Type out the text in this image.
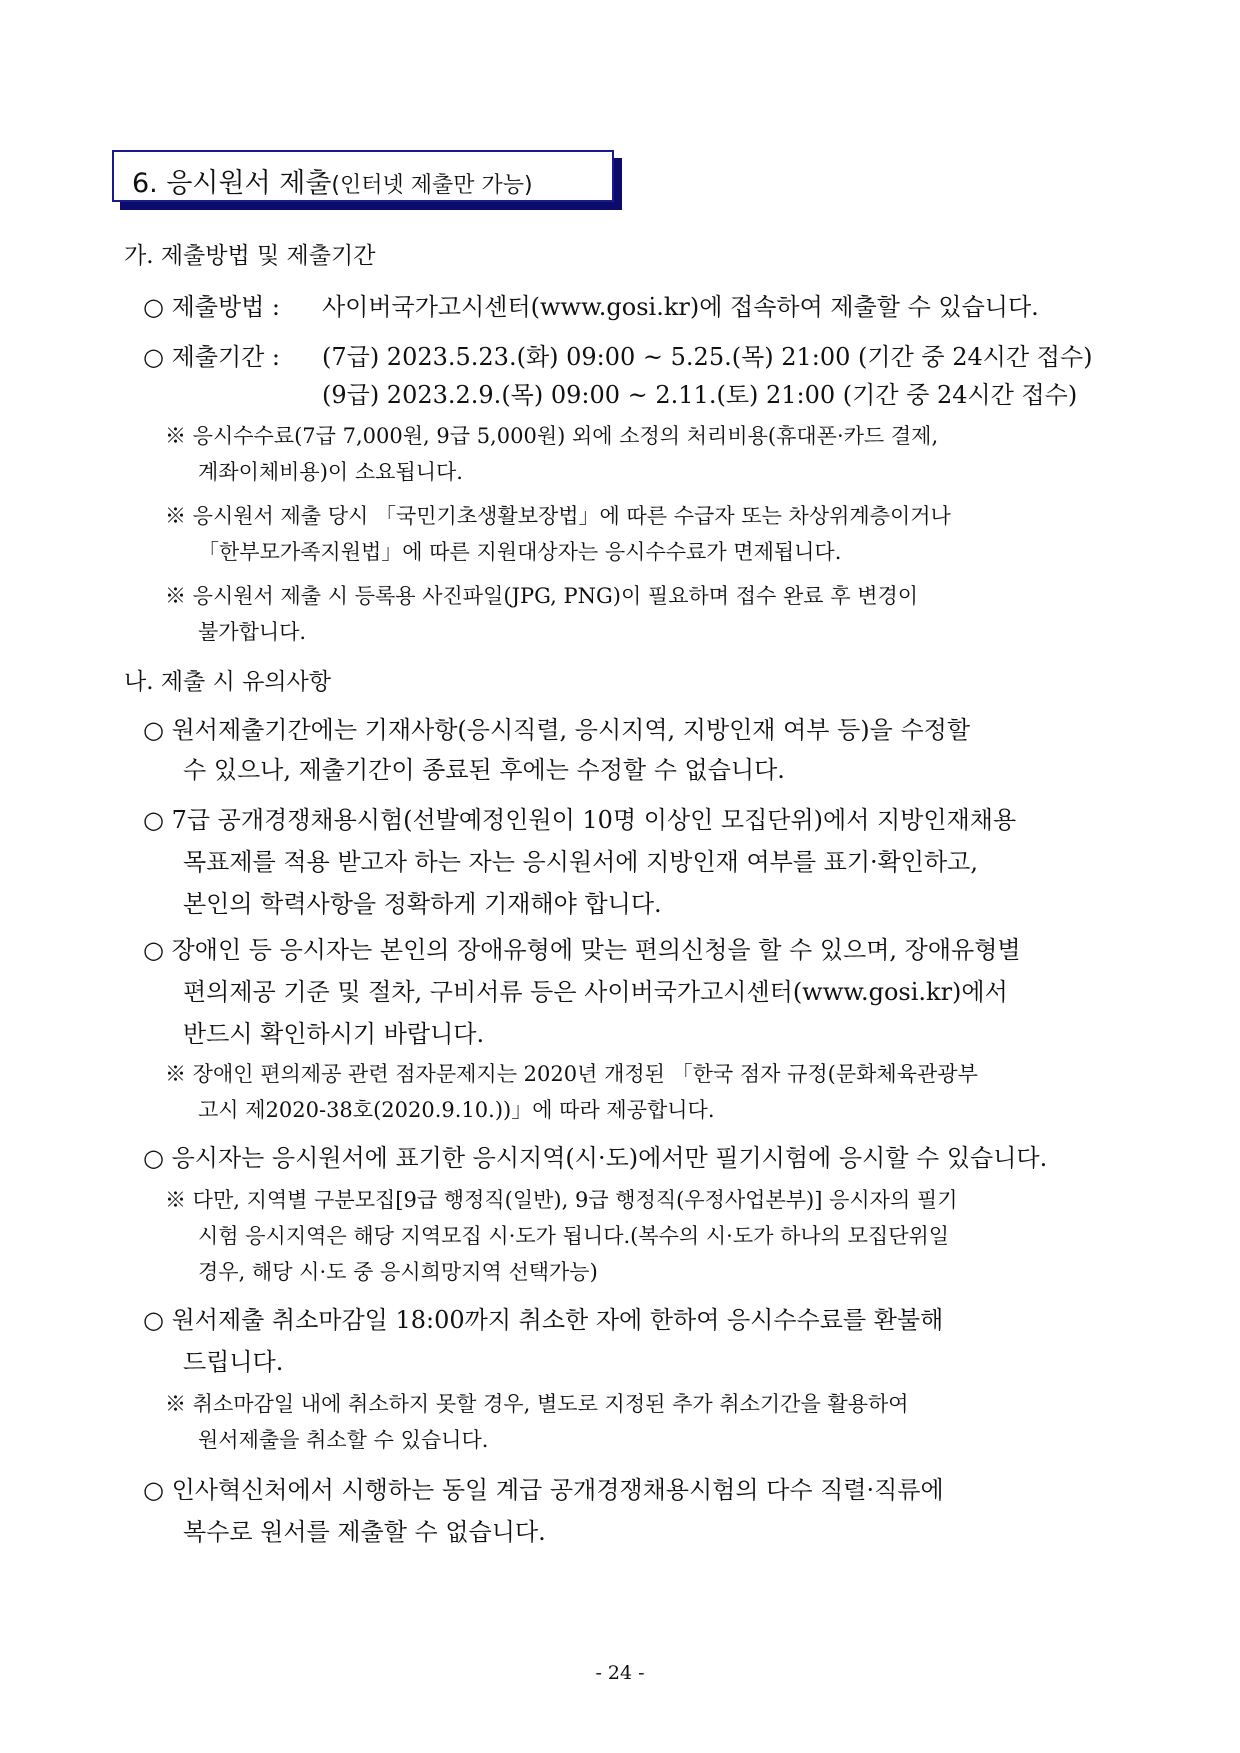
6. 응시원서 제출(인터넷 제출만 가능)
가. 제출방법 및 제출기간
○ 제출방법 : 사이버국가고시센터(www.gosi.kr)에 접속하여 제출할 수 있습니다.
○ 제출기간 : (7급) 2023.5.23.(화) 09:00 ~ 5.25.(목) 21:00 (기간 중 24시간 접수)
(9급) 2023.2.9.(목) 09:00 ~ 2.11.(토) 21:00 (기간 중 24시간 접수)
※ 응시수수료(7급 7,000원, 9급 5,000원) 외에 소정의 처리비용(휴대폰·카드 결제,
계좌이체비용)이 소요됩니다.
※ 응시원서 제출 당시 「국민기초생활보장법」에 따른 수급자 또는 차상위계층이거나
「한부모가족지원법」에 따른 지원대상자는 응시수수료가 면제됩니다.
※ 응시원서 제출 시 등록용 사진파일(JPG, PNG)이 필요하며 접수 완료 후 변경이
불가합니다.
나. 제출 시 유의사항
○ 원서제출기간에는 기재사항(응시직렬, 응시지역, 지방인재 여부 등)을 수정할
수 있으나, 제출기간이 종료된 후에는 수정할 수 없습니다.
○ 7급 공개경쟁채용시험(선발예정인원이 10명 이상인 모집단위)에서 지방인재채용
목표제를 적용 받고자 하는 자는 응시원서에 지방인재 여부를 표기·확인하고,
본인의 학력사항을 정확하게 기재해야 합니다.
○ 장애인 등 응시자는 본인의 장애유형에 맞는 편의신청을 할 수 있으며, 장애유형별
편의제공 기준 및 절차, 구비서류 등은 사이버국가고시센터(www.gosi.kr)에서
반드시 확인하시기 바랍니다.
※ 장애인 편의제공 관련 점자문제지는 2020년 개정된 「한국 점자 규정(문화체육관광부
고시 제2020-38호(2020.9.10.))」에 따라 제공합니다.
○ 응시자는 응시원서에 표기한 응시지역(시·도)에서만 필기시험에 응시할 수 있습니다.
※ 다만, 지역별 구분모집[9급 행정직(일반), 9급 행정직(우정사업본부)] 응시자의 필기
시험 응시지역은 해당 지역모집 시·도가 됩니다.(복수의 시·도가 하나의 모집단위일
경우, 해당 시·도 중 응시희망지역 선택가능)
○ 원서제출 취소마감일 18:00까지 취소한 자에 한하여 응시수수료를 환불해
드립니다.
※ 취소마감일 내에 취소하지 못할 경우, 별도로 지정된 추가 취소기간을 활용하여
원서제출을 취소할 수 있습니다.
○ 인사혁신처에서 시행하는 동일 계급 공개경쟁채용시험의 다수 직렬·직류에
복수로 원서를 제출할 수 없습니다.
- 24 -
